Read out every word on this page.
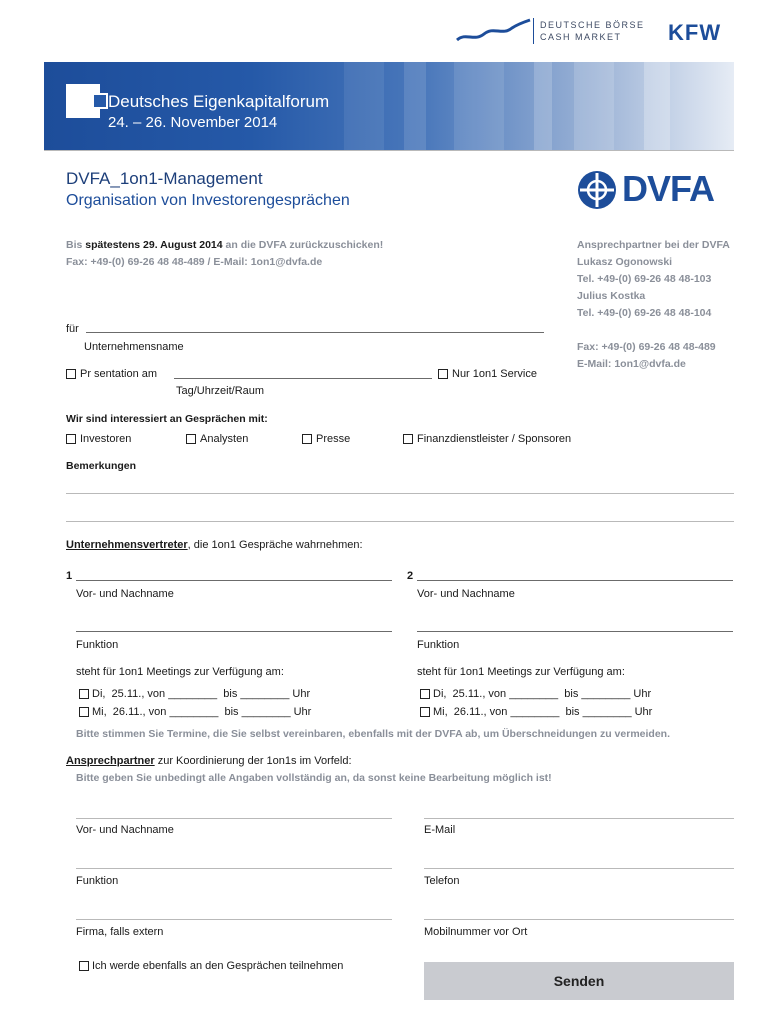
DEUTSCHE BÖRSE
CASH MARKET KFW
Deutsches Eigenkapitalforum
24. – 26. November 2014
DVFA_1on1-Management
Organisation von Investorengesprächen	DVFA
Bis spätestens 29. August 2014 an die DVFA zurückzuschicken!
Fax: +49-(0) 69-26 48 48-489 / E-Mail: 1on1@dvfa.de
Ansprechpartner bei der DVFA
Lukasz Ogonowski
Tel. +49-(0) 69-26 48 48-103
Julius Kostka
Tel. +49-(0) 69-26 48 48-104
Fax: +49-(0) 69-26 48 48-489
E-Mail: 1on1@dvfa.de
für
Unternehmensname
Pr sentation am
Tag/Uhrzeit/Raum
Nur 1on1 Service
Wir sind interessiert an Gesprächen mit:
Investoren	Analysten	Presse	Finanzdienstleister / Sponsoren
Bemerkungen
Unternehmensvertreter, die 1on1 Gespräche wahrnehmen:
1
Vor- und Nachname
Funktion
steht für 1on1 Meetings zur Verfügung am:
Di,  25.11., von ________  bis ________ Uhr
Mi,  26.11., von ________  bis ________ Uhr
2
Vor- und Nachname
Funktion
steht für 1on1 Meetings zur Verfügung am:
Di,  25.11., von ________  bis ________ Uhr
Mi,  26.11., von ________  bis ________ Uhr
Bitte stimmen Sie Termine, die Sie selbst vereinbaren, ebenfalls mit der DVFA ab, um Überschneidungen zu vermeiden.
Ansprechpartner zur Koordinierung der 1on1s im Vorfeld:
Bitte geben Sie unbedingt alle Angaben vollständig an, da sonst keine Bearbeitung möglich ist!
Vor- und Nachname	E-Mail
Funktion	Telefon
Firma, falls extern	Mobilnummer vor Ort
Ich werde ebenfalls an den Gesprächen teilnehmen
Senden
